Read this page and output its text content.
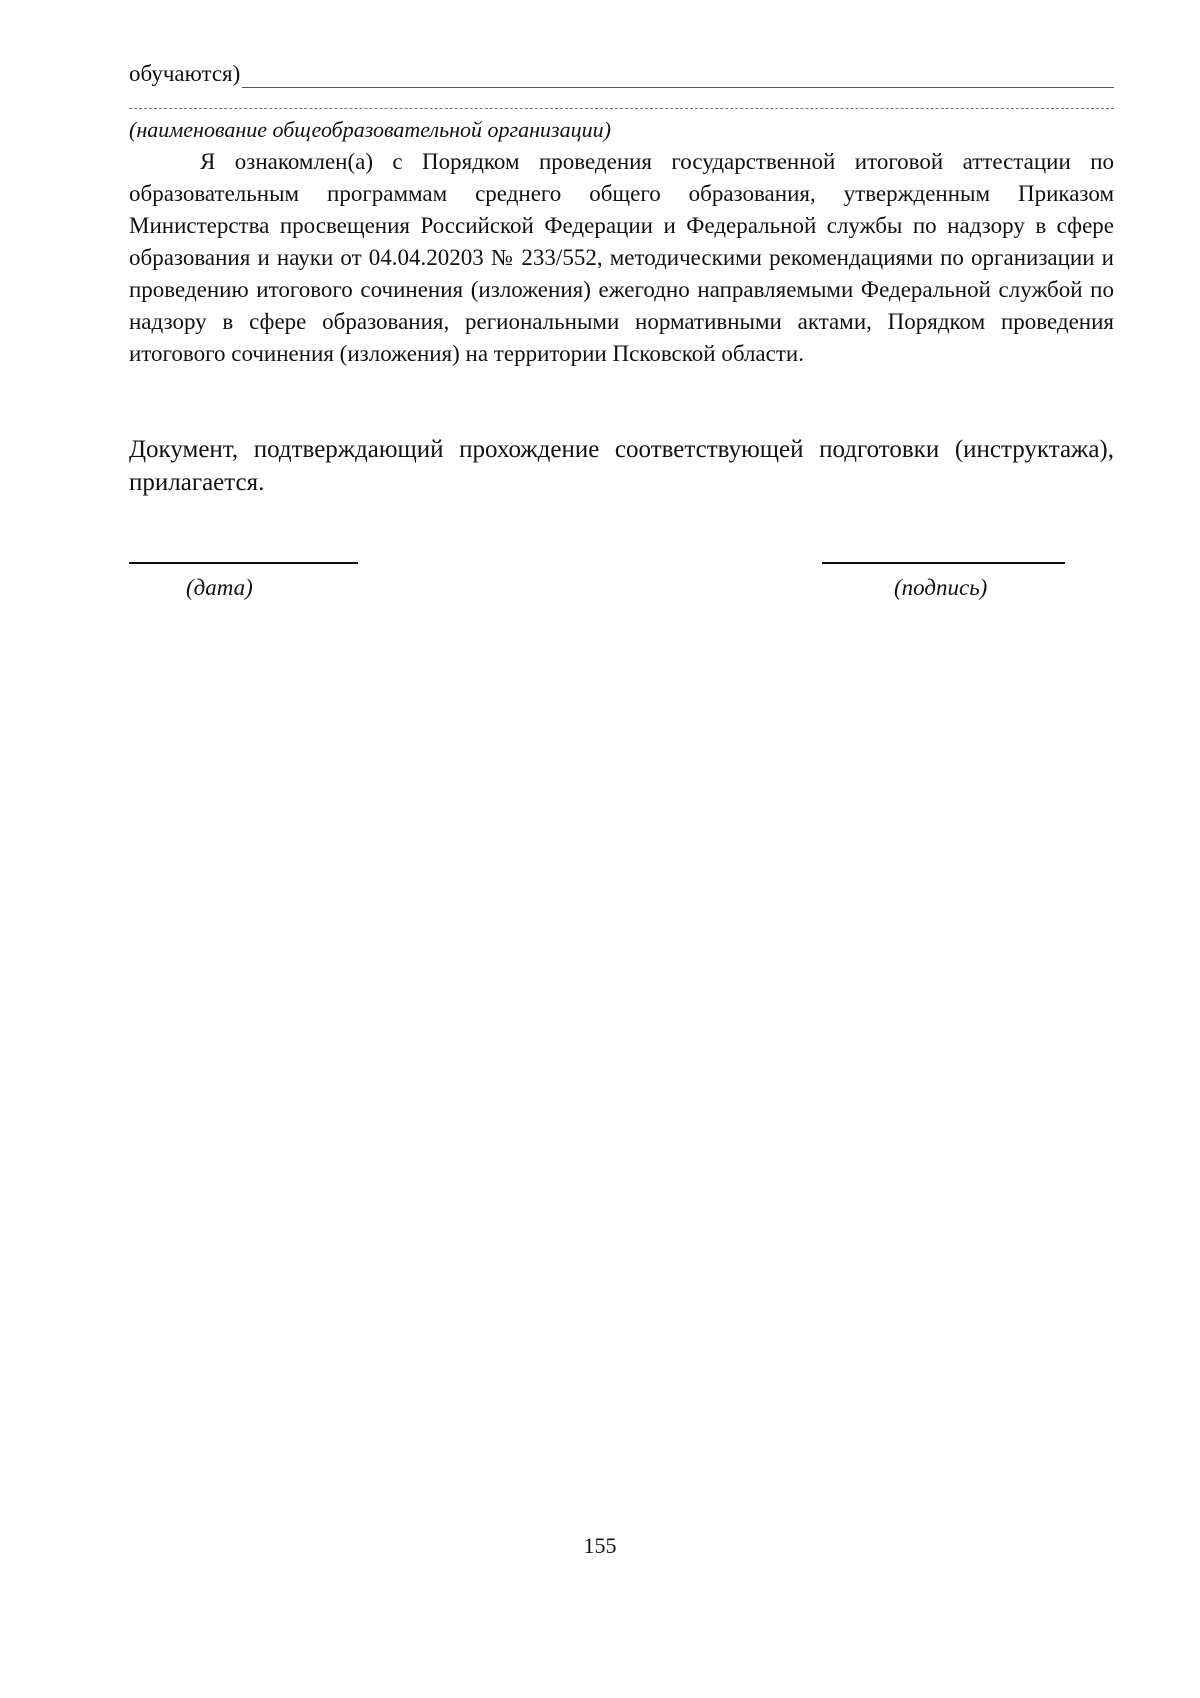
обучаются)
(наименование общеобразовательной организации)

Я ознакомлен(а) с Порядком проведения государственной итоговой аттестации по образовательным программам среднего общего образования, утвержденным Приказом Министерства просвещения Российской Федерации и Федеральной службы по надзору в сфере образования и науки от 04.04.20203 № 233/552, методическими рекомендациями по организации и проведению итогового сочинения (изложения) ежегодно направляемыми Федеральной службой по надзору в сфере образования, региональными нормативными актами, Порядком проведения итогового сочинения (изложения) на территории Псковской области.

Документ, подтверждающий прохождение соответствующей подготовки (инструктажа), прилагается.

(дата)	(подпись)
155
